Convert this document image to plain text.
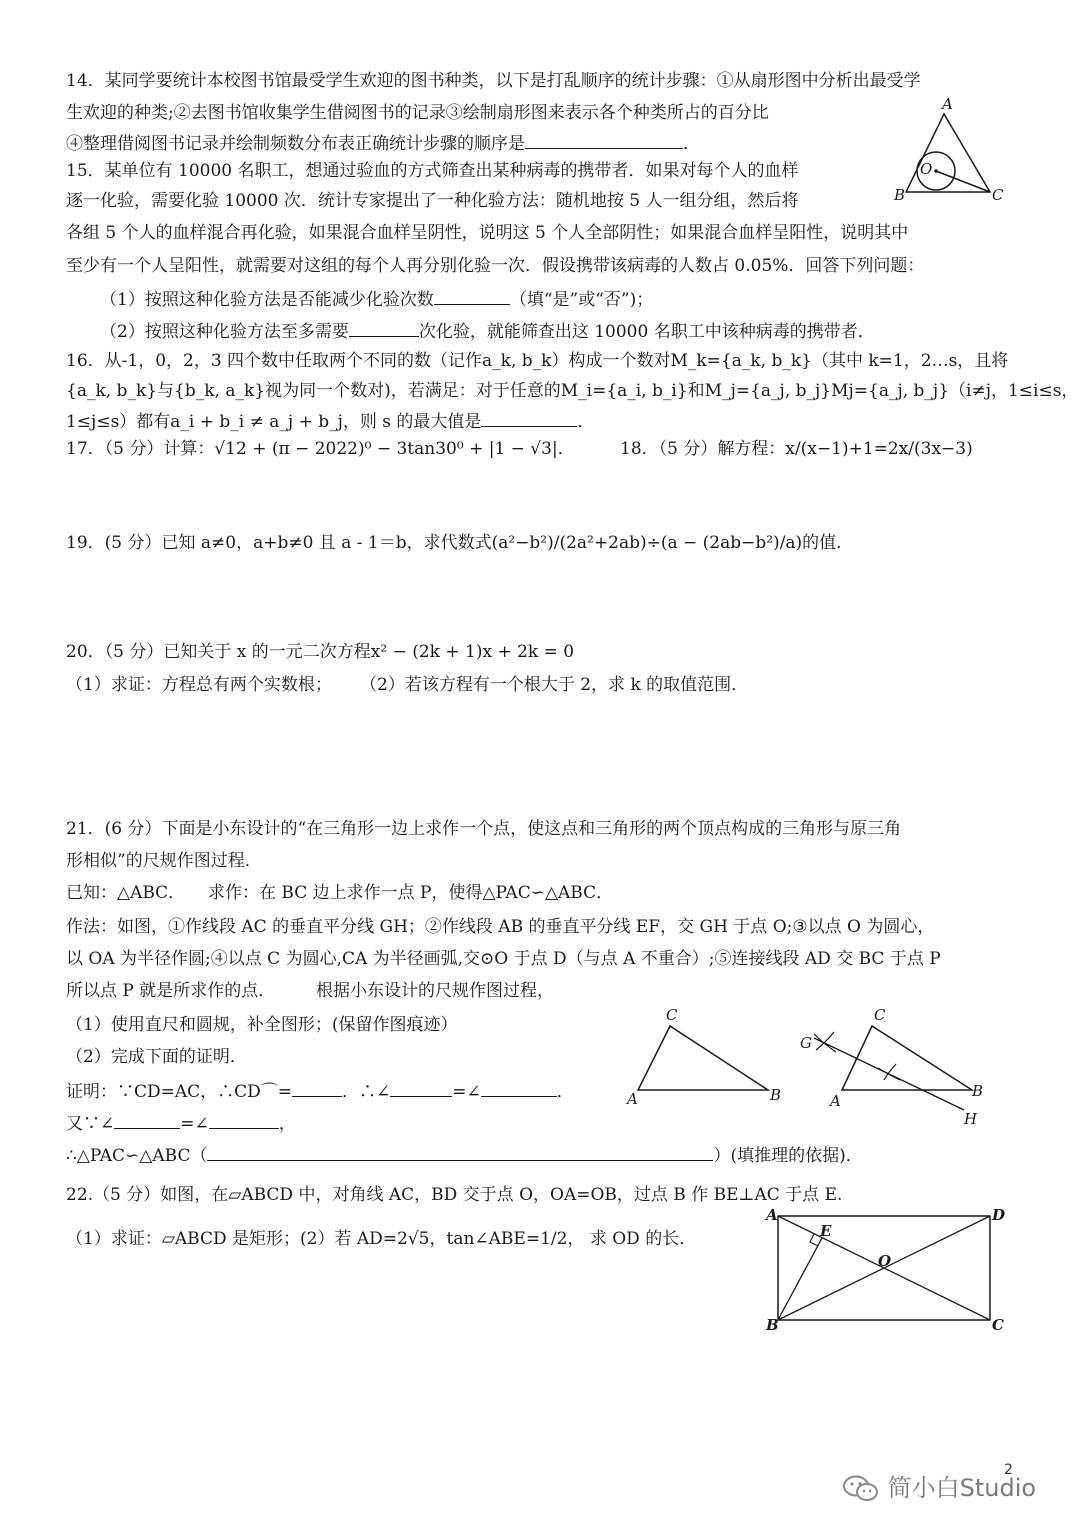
14．某同学要统计本校图书馆最受学生欢迎的图书种类，以下是打乱顺序的统计步骤：①从扇形图中分析出最受学
生欢迎的种类;②去图书馆收集学生借阅图书的记录③绘制扇形图来表示各个种类所占的百分比
④整理借阅图书记录并绘制频数分布表正确统计步骤的顺序是	．
15．某单位有 10000 名职工，想通过验血的方式筛查出某种病毒的携带者．如果对每个人的血样
逐一化验，需要化验 10000 次．统计专家提出了一种化验方法：随机地按 5 人一组分组，然后将
各组 5 个人的血样混合再化验，如果混合血样呈阴性，说明这 5 个人全部阴性；如果混合血样呈阳性，说明其中
至少有一个人呈阳性，就需要对这组的每个人再分别化验一次．假设携带该病毒的人数占 0.05%．回答下列问题：
（1）按照这种化验方法是否能减少化验次数	（填“是”或“否”)；
（2）按照这种化验方法至多需要	次化验，就能筛查出这 10000 名职工中该种病毒的携带者．
16．从-1，0，2，3 四个数中任取两个不同的数（记作a_k, b_k）构成一个数对M_k={a_k, b_k}（其中 k=1，2…s，且将
{a_k, b_k}与{b_k, a_k}视为同一个数对)，若满足：对于任意的M_i={a_i, b_i}和M_j={a_j, b_j}Mj={a_j, b_j}（i≠j，1≤i≤s，
1≤j≤s）都有a_i + b_i ≠ a_j + b_j，则 s 的最大值是	．
17．（5 分）计算：√12 + (π − 2022)⁰ − 3tan30⁰ + |1 − √3|．	18．（5 分）解方程：x/(x−1)+1=2x/(3x−3)
19．(5 分）已知 a≠0，a+b≠0 且 a - 1＝b，求代数式(a²−b²)/(2a²+2ab)÷(a − (2ab−b²)/a)的值．
20．（5 分）已知关于 x 的一元二次方程x² − (2k + 1)x + 2k = 0
（1）求证：方程总有两个实数根； （2）若该方程有一个根大于 2，求 k 的取值范围．
21．(6 分）下面是小东设计的“在三角形一边上求作一个点，使这点和三角形的两个顶点构成的三角形与原三角
形相似”的尺规作图过程．
已知：△ABC． 求作：在 BC 边上求作一点 P，使得△PAC∽△ABC．
作法：如图，①作线段 AC 的垂直平分线 GH；②作线段 AB 的垂直平分线 EF，交 GH 于点 O;③以点 O 为圆心，
以 OA 为半径作圆;④以点 C 为圆心,CA 为半径画弧,交⊙O 于点 D（与点 A 不重合）;⑤连接线段 AD 交 BC 于点 P
所以点 P 就是所求作的点． 根据小东设计的尺规作图过程，
（1）使用直尺和圆规，补全图形；(保留作图痕迹）
（2）完成下面的证明．
证明：∵CD=AC，∴CD⌒=	．∴∠	=∠	．
又∵∠	=∠	，
∴△PAC∽△ABC（	）(填推理的依据)．
22.（5 分）如图，在▱ABCD 中，对角线 AC，BD 交于点 O，OA=OB，过点 B 作 BE⊥AC 于点 E.
（1）求证：▱ABCD 是矩形；(2）若 AD=2√5，tan∠ABE=1/2， 求 OD 的长．
A
B	C
O
C
A	B
C
G
A
B
H
A	D
B	C
E
O
2
简小白Studio
